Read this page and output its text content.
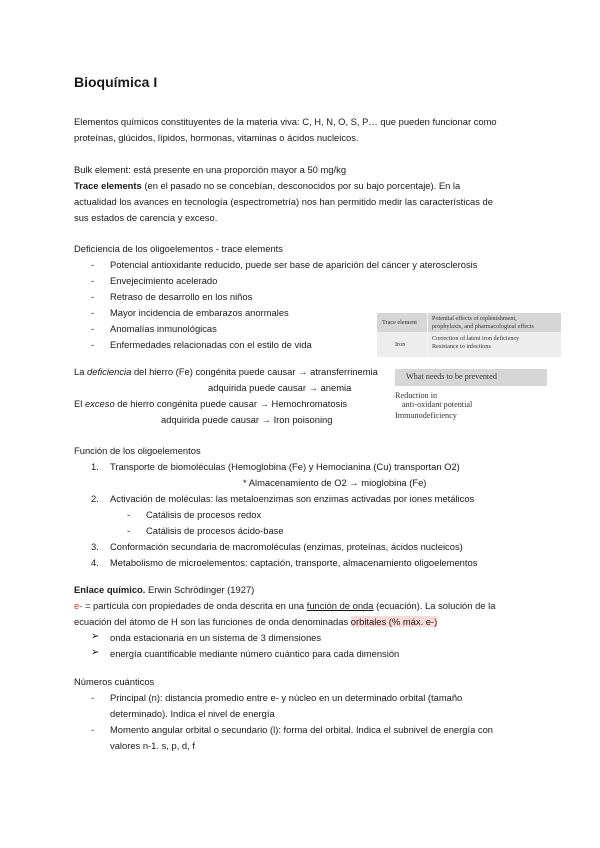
Bioquímica I
Elementos químicos constituyentes de la materia viva: C, H, N, O, S, P… que pueden funcionar como
proteínas, glúcidos, lípidos, hormonas, vitaminas o ácidos nucleicos.
Bulk element: está presente en una proporción mayor a 50 mg/kg
Trace elements (en el pasado no se concebían, desconocidos por su bajo porcentaje). En la
actualidad los avances en tecnología (espectrometría) nos han permitido medir las características de
sus estados de carencia y exceso.
Deficiencia de los oligoelementos - trace elements
- Potencial antioxidante reducido, puede ser base de aparición del cáncer y aterosclerosis
- Envejecimiento acelerado
- Retraso de desarrollo en los niños
- Mayor incidencia de embarazos anormales
- Anomalías inmunológicas
- Enfermedades relacionadas con el estilo de vida
Trace element
Potential effects of replenishment,
prophylaxis, and pharmacological effects
Iron
Correction of latent iron deficiency
Resistance to infections
What needs to be prevented
Reduction in
anti-oxidant potential
Immunodeficiency
La deficiencia del hierro (Fe) congénita puede causar → atransferrinemia
adquirida puede causar → anemia
El exceso de hierro congénita puede causar → Hemochromatosis
adquirida puede causar → Iron poisoning
Función de los oligoelementos
1. Transporte de biomoléculas (Hemoglobina (Fe) y Hemocianina (Cu) transportan O2)
* Almacenamiento de O2 → mioglobina (Fe)
2. Activación de moléculas: las metaloenzimas son enzimas activadas por iones metálicos
- Catálisis de procesos redox
- Catálisis de procesos ácido-base
3. Conformación secundaria de macromoléculas (enzimas, proteínas, ácidos nucleicos)
4. Metabolismo de microelementos: captación, transporte, almacenamiento oligoelementos
Enlace químico. Erwin Schrödinger (1927)
e- = partícula con propiedades de onda descrita en una función de onda (ecuación). La solución de la
ecuación del átomo de H son las funciones de onda denominadas orbitales (% máx. e-)
➢ onda estacionaria en un sistema de 3 dimensiones
➢ energía cuantificable mediante número cuántico para cada dimensión
Números cuánticos
- Principal (n): distancia promedio entre e- y núcleo en un determinado orbital (tamaño
determinado). Indica el nivel de energía
- Momento angular orbital o secundario (l): forma del orbital. Indica el subnivel de energía con
valores n-1. s, p, d, f
